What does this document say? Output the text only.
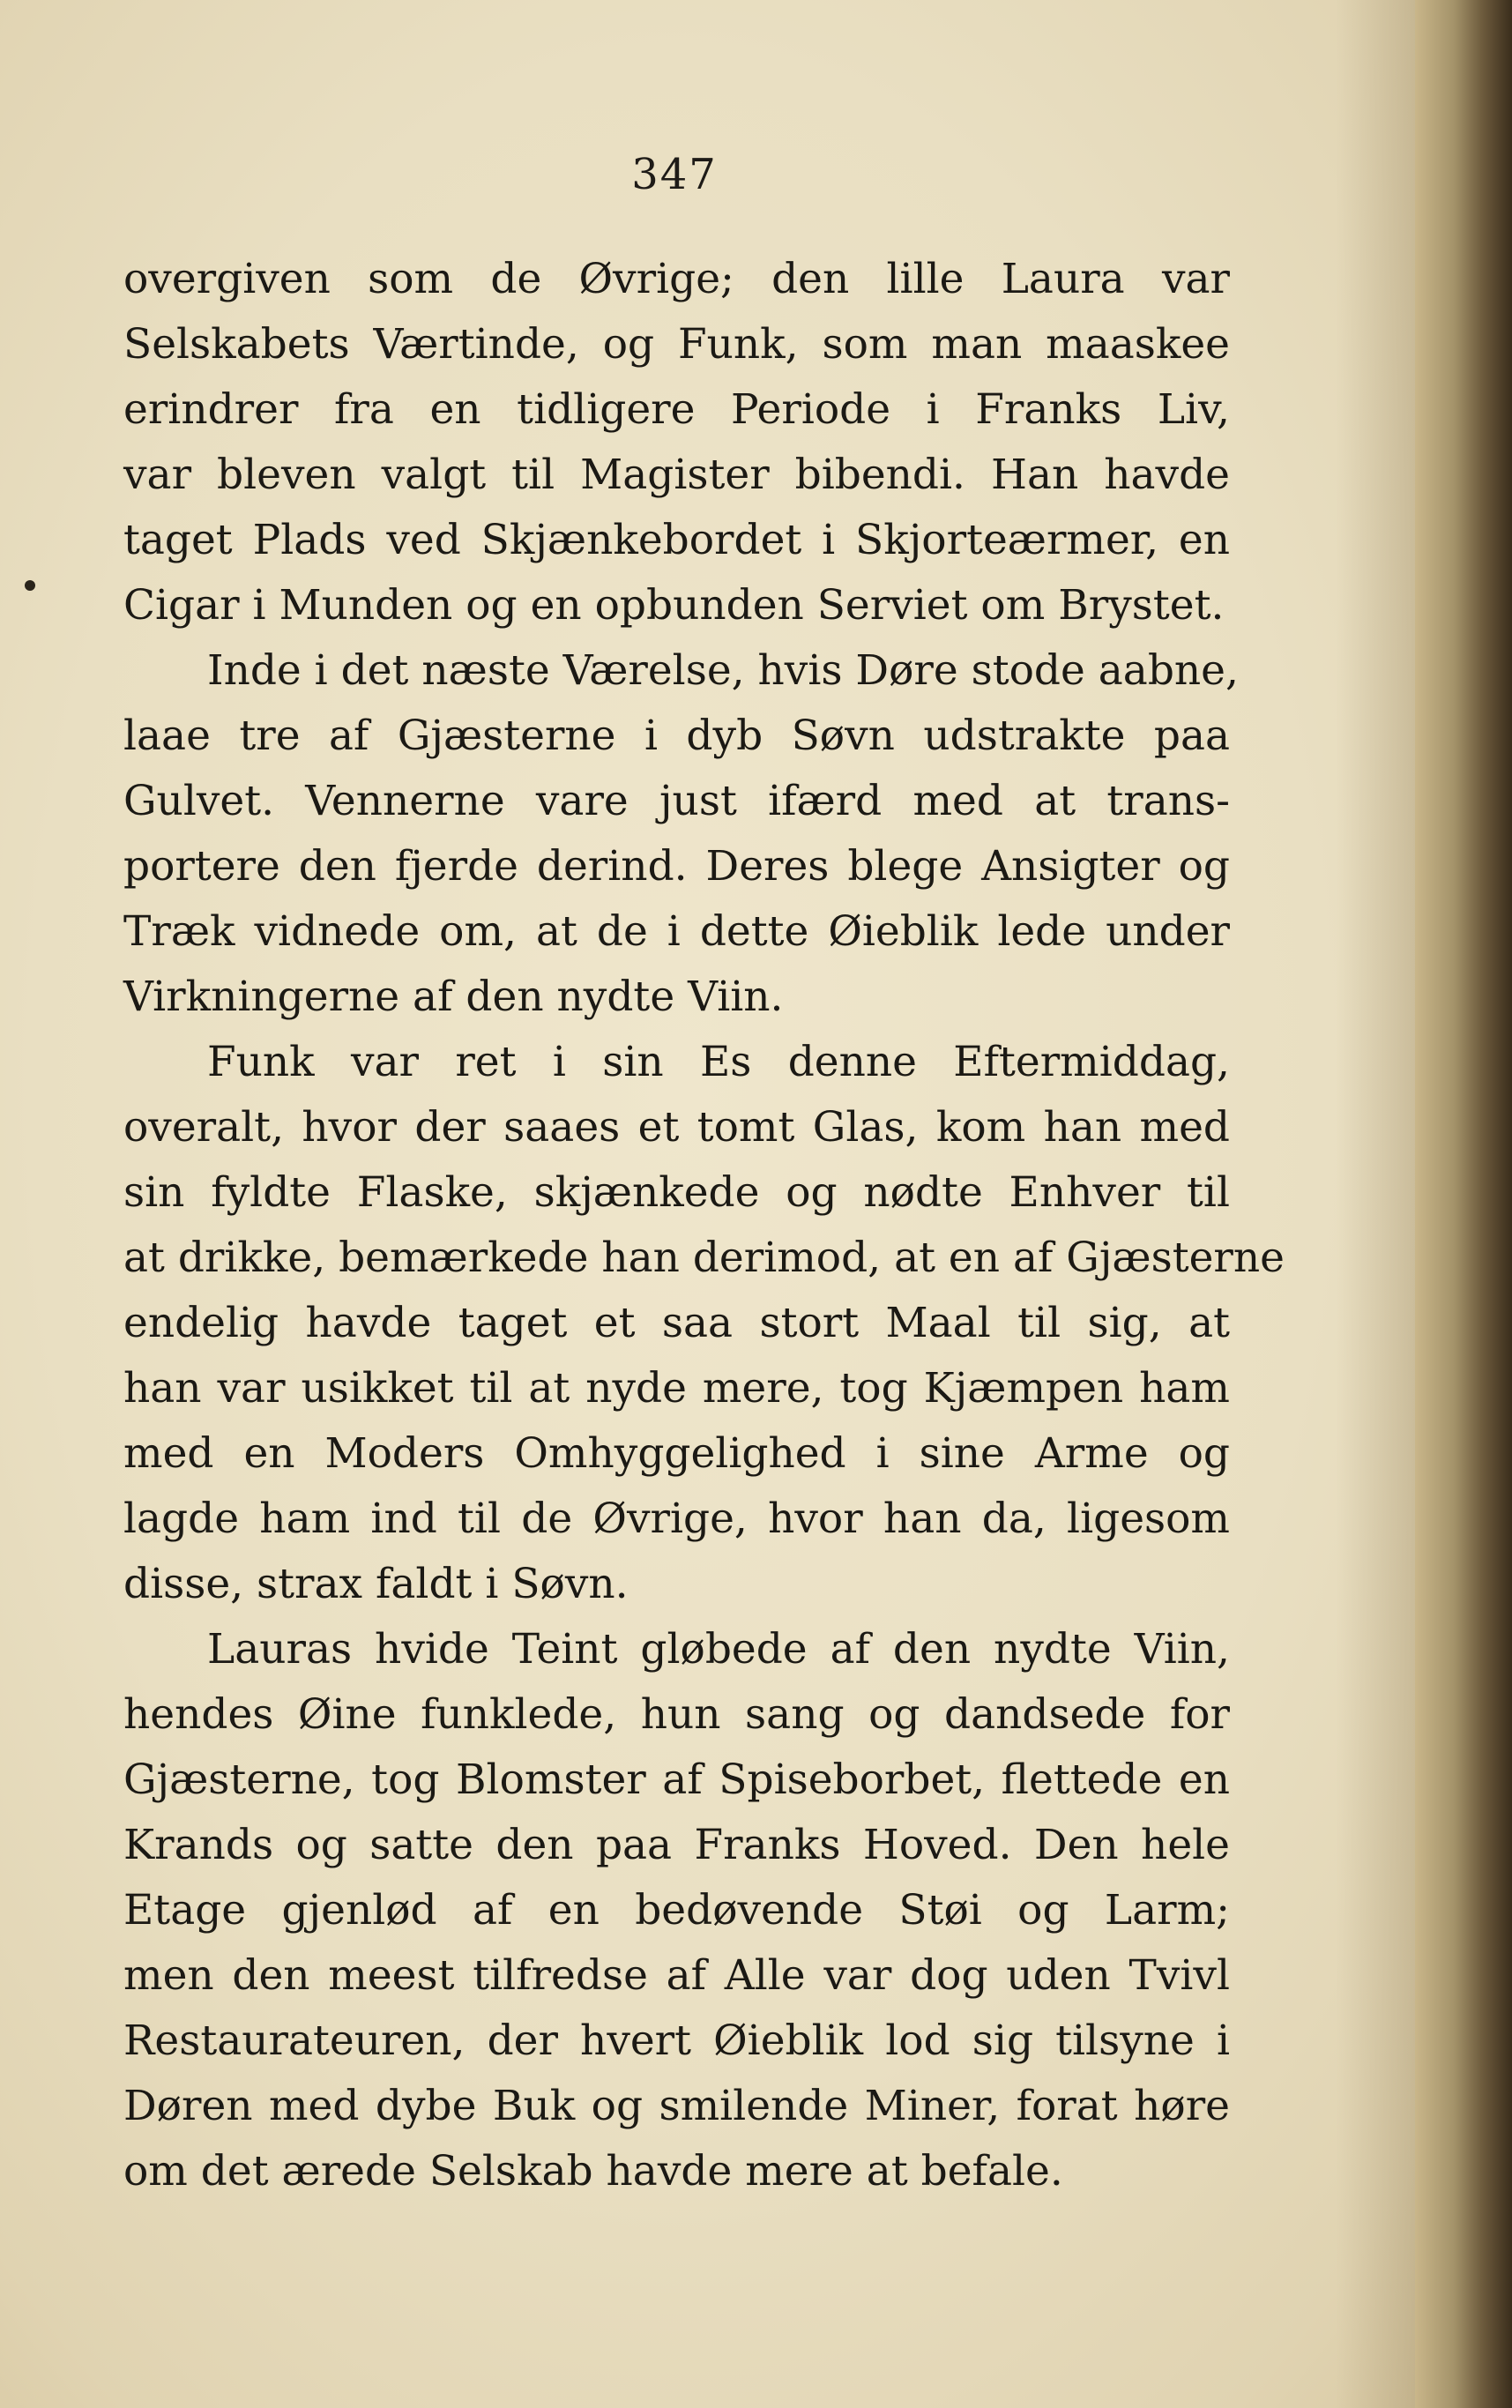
347
overgiven som de Øvrige; den lille Laura var
Selskabets Værtinde, og Funk, som man maaskee
erindrer fra en tidligere Periode i Franks Liv,
var bleven valgt til Magister bibendi. Han havde
taget Plads ved Skjænkebordet i Skjorteærmer, en
Cigar i Munden og en opbunden Serviet om Brystet.
Inde i det næste Værelse, hvis Døre stode aabne,
laae tre af Gjæsterne i dyb Søvn udstrakte paa
Gulvet. Vennerne vare just ifærd med at trans-
portere den fjerde derind. Deres blege Ansigter og
Træk vidnede om, at de i dette Øieblik lede under
Virkningerne af den nydte Viin.
Funk var ret i sin Es denne Eftermiddag,
overalt, hvor der saaes et tomt Glas, kom han med
sin fyldte Flaske, skjænkede og nødte Enhver til
at drikke, bemærkede han derimod, at en af Gjæsterne
endelig havde taget et saa stort Maal til sig, at
han var usikket til at nyde mere, tog Kjæmpen ham
med en Moders Omhyggelighed i sine Arme og
lagde ham ind til de Øvrige, hvor han da, ligesom
disse, strax faldt i Søvn.
Lauras hvide Teint gløbede af den nydte Viin,
hendes Øine funklede, hun sang og dandsede for
Gjæsterne, tog Blomster af Spiseborbet, flettede en
Krands og satte den paa Franks Hoved. Den hele
Etage gjenlød af en bedøvende Støi og Larm;
men den meest tilfredse af Alle var dog uden Tvivl
Restaurateuren, der hvert Øieblik lod sig tilsyne i
Døren med dybe Buk og smilende Miner, forat høre
om det ærede Selskab havde mere at befale.
